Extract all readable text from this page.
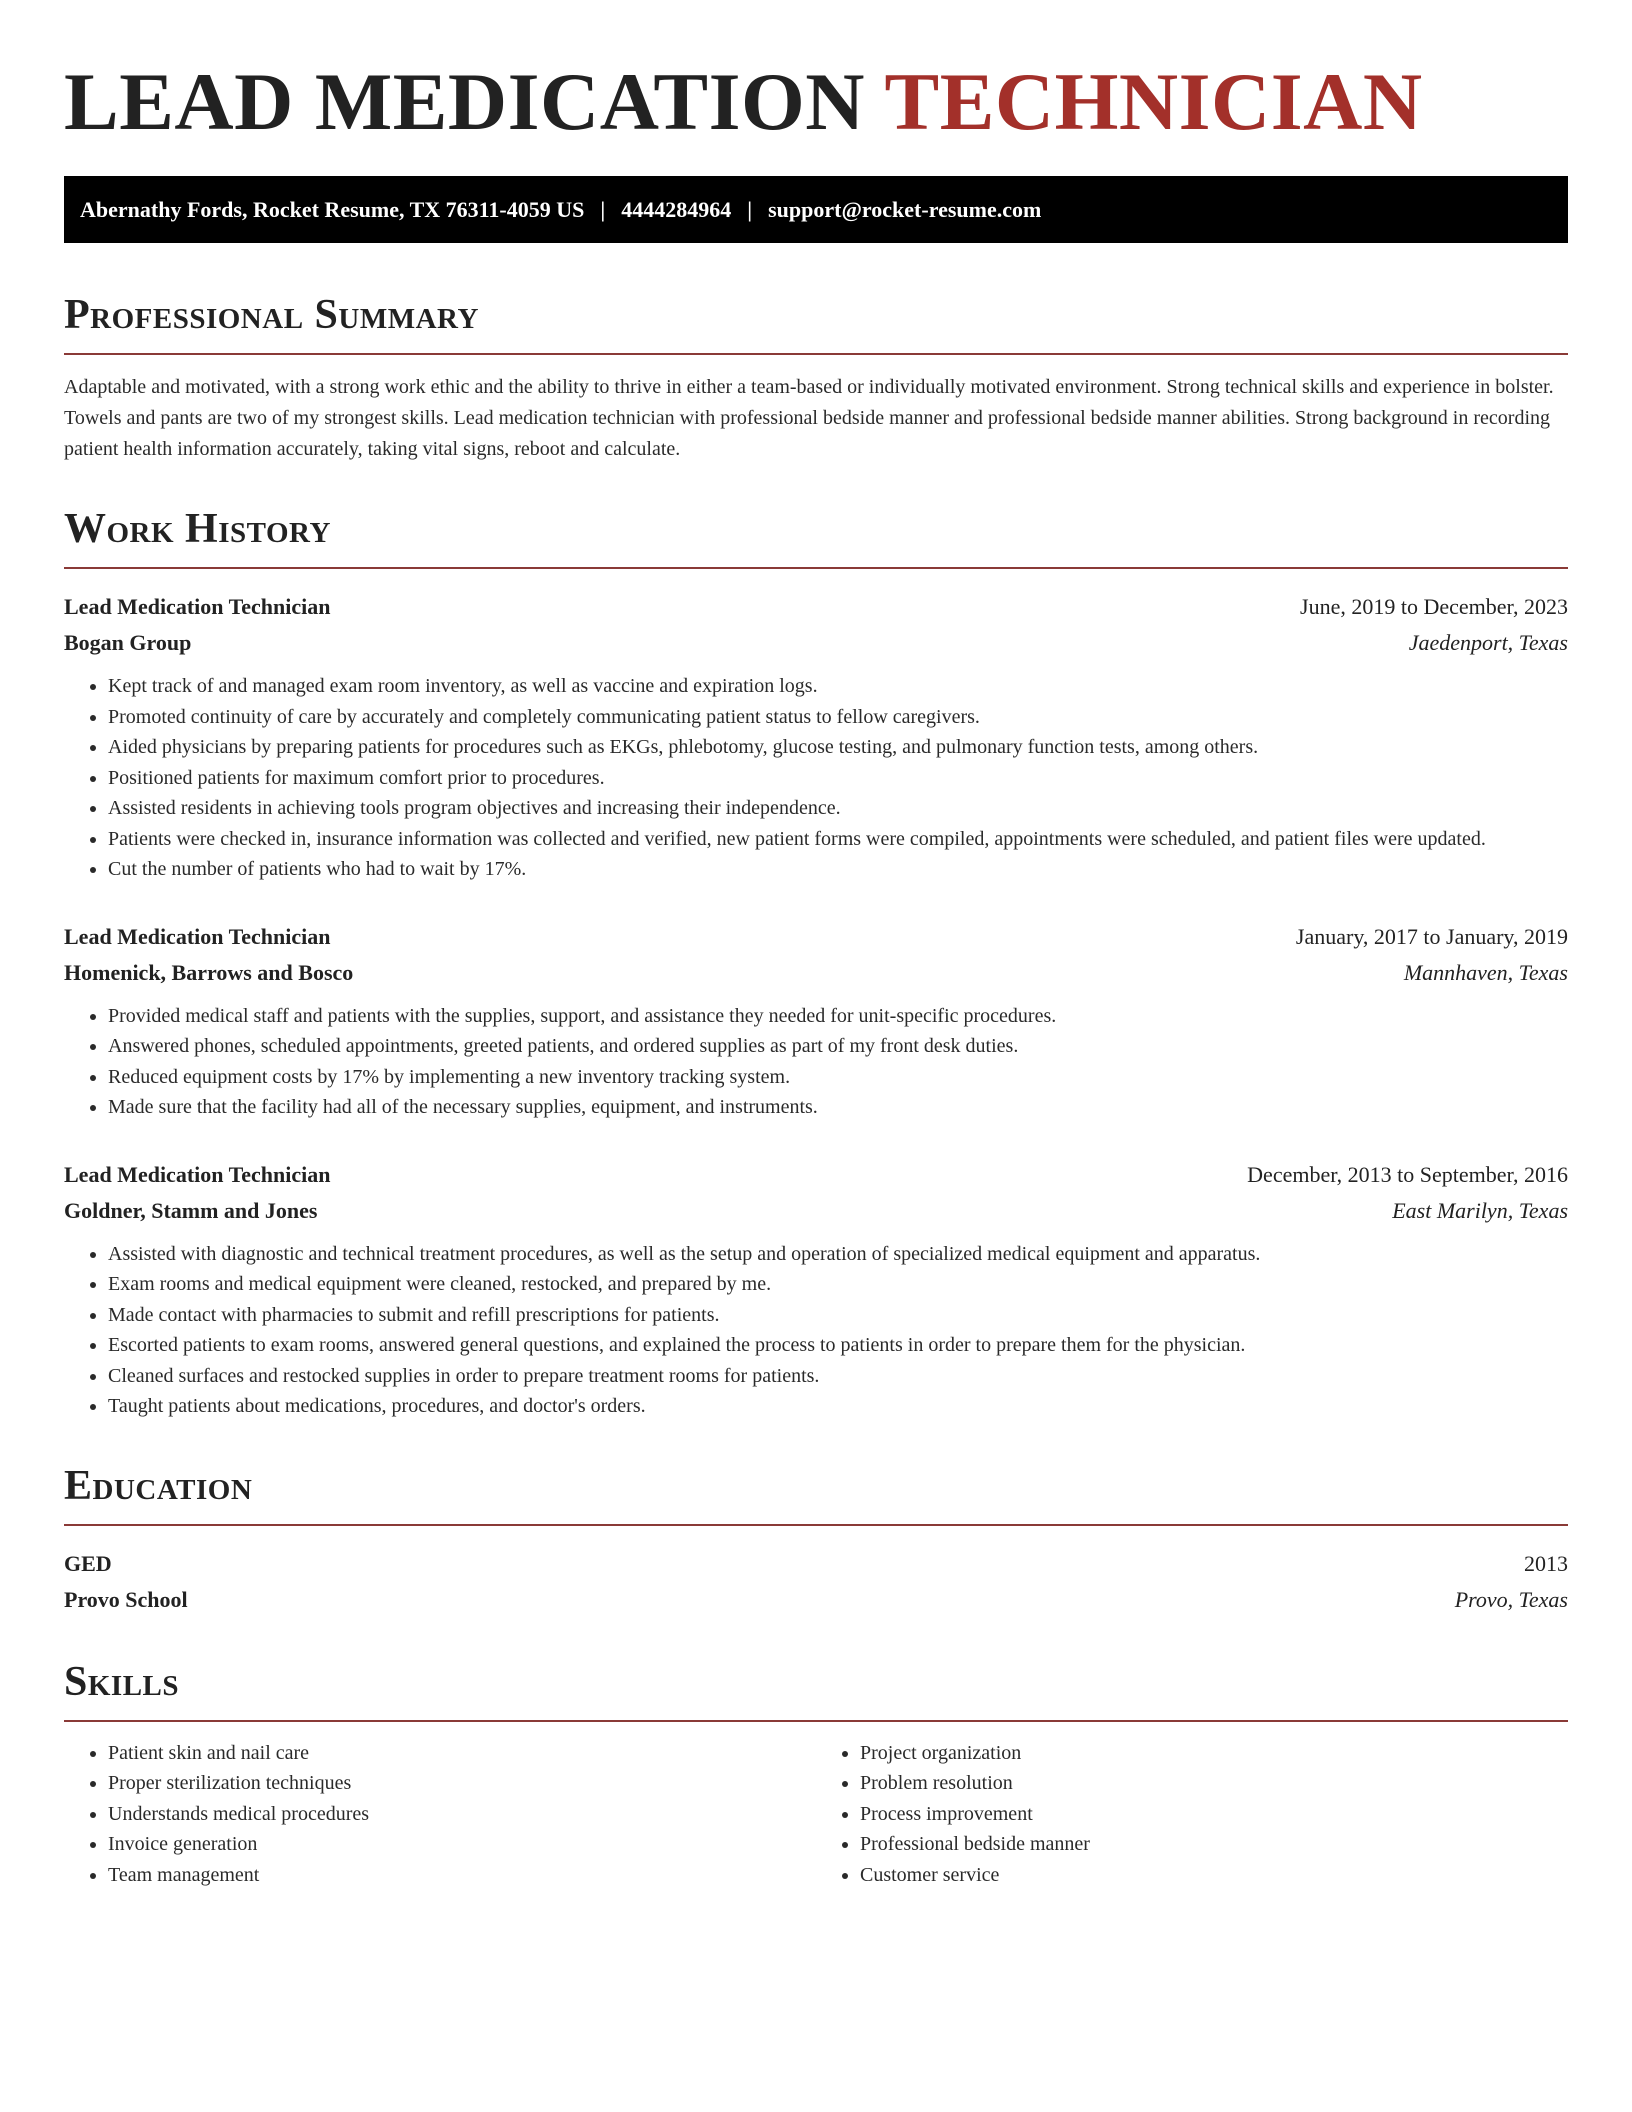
LEAD MEDICATION TECHNICIAN
Abernathy Fords, Rocket Resume, TX 76311-4059 US | 4444284964 | support@rocket-resume.com
Professional Summary
Adaptable and motivated, with a strong work ethic and the ability to thrive in either a team-based or individually motivated environment. Strong technical skills and experience in bolster. Towels and pants are two of my strongest skills. Lead medication technician with professional bedside manner and professional bedside manner abilities. Strong background in recording patient health information accurately, taking vital signs, reboot and calculate.
Work History
Lead Medication Technician	June, 2019 to December, 2023
Bogan Group	Jaedenport, Texas
• Kept track of and managed exam room inventory, as well as vaccine and expiration logs.
• Promoted continuity of care by accurately and completely communicating patient status to fellow caregivers.
• Aided physicians by preparing patients for procedures such as EKGs, phlebotomy, glucose testing, and pulmonary function tests, among others.
• Positioned patients for maximum comfort prior to procedures.
• Assisted residents in achieving tools program objectives and increasing their independence.
• Patients were checked in, insurance information was collected and verified, new patient forms were compiled, appointments were scheduled, and patient files were updated.
• Cut the number of patients who had to wait by 17%.
Lead Medication Technician	January, 2017 to January, 2019
Homenick, Barrows and Bosco	Mannhaven, Texas
• Provided medical staff and patients with the supplies, support, and assistance they needed for unit-specific procedures.
• Answered phones, scheduled appointments, greeted patients, and ordered supplies as part of my front desk duties.
• Reduced equipment costs by 17% by implementing a new inventory tracking system.
• Made sure that the facility had all of the necessary supplies, equipment, and instruments.
Lead Medication Technician	December, 2013 to September, 2016
Goldner, Stamm and Jones	East Marilyn, Texas
• Assisted with diagnostic and technical treatment procedures, as well as the setup and operation of specialized medical equipment and apparatus.
• Exam rooms and medical equipment were cleaned, restocked, and prepared by me.
• Made contact with pharmacies to submit and refill prescriptions for patients.
• Escorted patients to exam rooms, answered general questions, and explained the process to patients in order to prepare them for the physician.
• Cleaned surfaces and restocked supplies in order to prepare treatment rooms for patients.
• Taught patients about medications, procedures, and doctor's orders.
Education
GED	2013
Provo School	Provo, Texas
Skills
• Patient skin and nail care
• Proper sterilization techniques
• Understands medical procedures
• Invoice generation
• Team management
• Project organization
• Problem resolution
• Process improvement
• Professional bedside manner
• Customer service
